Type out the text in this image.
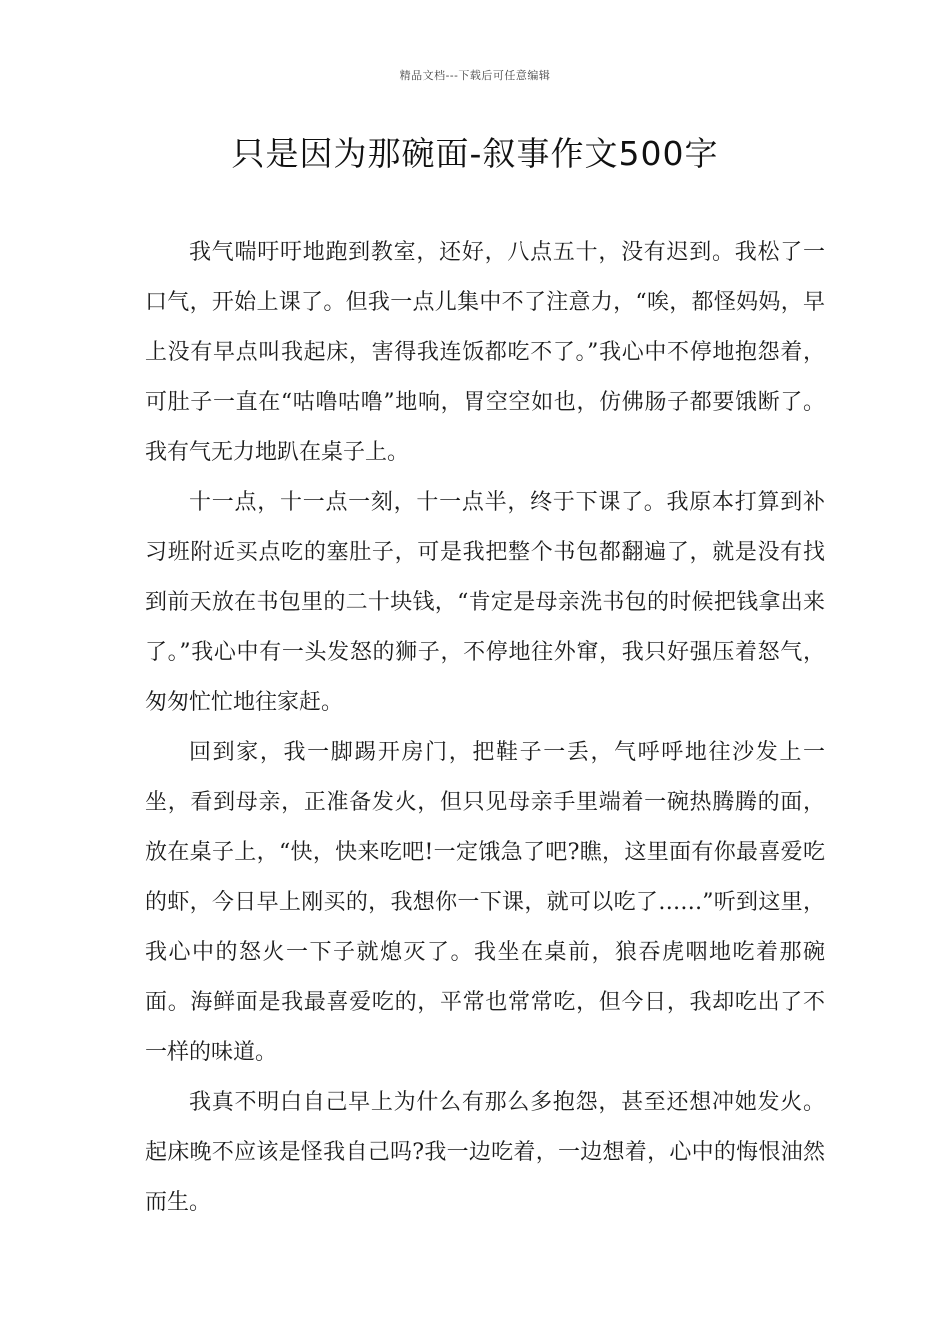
精品文档---下载后可任意编辑
只是因为那碗面-叙事作文500字

我气喘吁吁地跑到教室，还好，八点五十，没有迟到。我松了一口气，开始上课了。但我一点儿集中不了注意力，“唉，都怪妈妈，早上没有早点叫我起床，害得我连饭都吃不了。”我心中不停地抱怨着，可肚子一直在“咕噜咕噜”地响，胃空空如也，仿佛肠子都要饿断了。我有气无力地趴在桌子上。

十一点，十一点一刻，十一点半，终于下课了。我原本打算到补习班附近买点吃的塞肚子，可是我把整个书包都翻遍了，就是没有找到前天放在书包里的二十块钱，“肯定是母亲洗书包的时候把钱拿出来了。”我心中有一头发怒的狮子，不停地往外窜，我只好强压着怒气，匆匆忙忙地往家赶。

回到家，我一脚踢开房门，把鞋子一丢，气呼呼地往沙发上一坐，看到母亲，正准备发火，但只见母亲手里端着一碗热腾腾的面，放在桌子上，“快，快来吃吧!一定饿急了吧?瞧，这里面有你最喜爱吃的虾，今日早上刚买的，我想你一下课，就可以吃了……”听到这里，我心中的怒火一下子就熄灭了。我坐在桌前，狼吞虎咽地吃着那碗面。海鲜面是我最喜爱吃的，平常也常常吃，但今日，我却吃出了不一样的味道。

我真不明白自己早上为什么有那么多抱怨，甚至还想冲她发火。起床晚不应该是怪我自己吗?我一边吃着，一边想着，心中的悔恨油然而生。
